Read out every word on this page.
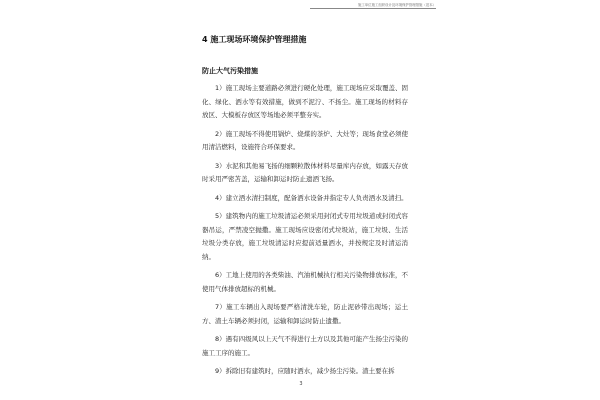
施工单位施工组织设计及环境保护管理措施（范本）
4 施工现场环境保护管理措施
防止大气污染措施

1）施工现场主要道路必须进行硬化处理，施工现场应采取覆盖、固化、绿化、洒水等有效措施，做到不泥泞、不扬尘。施工现场的材料存放区、大模板存放区等场地必须平整夯实。

2）施工现场不得使用锅炉、烧煤的茶炉、大灶等；现场食堂必须使用清洁燃料，设施符合环保要求。

3）水泥和其他易飞扬的细颗粒散体材料尽量库内存放，如露天存放时采用严密苫盖，运输和卸运时防止遗洒飞扬。

4）建立洒水清扫制度，配备洒水设备并指定专人负责洒水及清扫。

5）建筑物内的施工垃圾清运必须采用封闭式专用垃圾道或封闭式容器吊运，严禁凌空抛撒。施工现场应设密闭式垃圾站，施工垃圾、生活垃圾分类存放，施工垃圾清运时应提前适量洒水，并按规定及时清运消纳。

6）工地上使用的各类柴油、汽油机械执行相关污染物排放标准，不使用气体排放超标的机械。

7）施工车辆出入现场要严格清洗车轮，防止泥砂带出现场；运土方、渣土车辆必须封闭，运输和卸运时防止遗撒。

8）遇有四级风以上天气不得进行土方以及其他可能产生扬尘污染的施工工序的施工。

9）拆除旧有建筑时，应随时洒水，减少扬尘污染。渣土要在拆

3
